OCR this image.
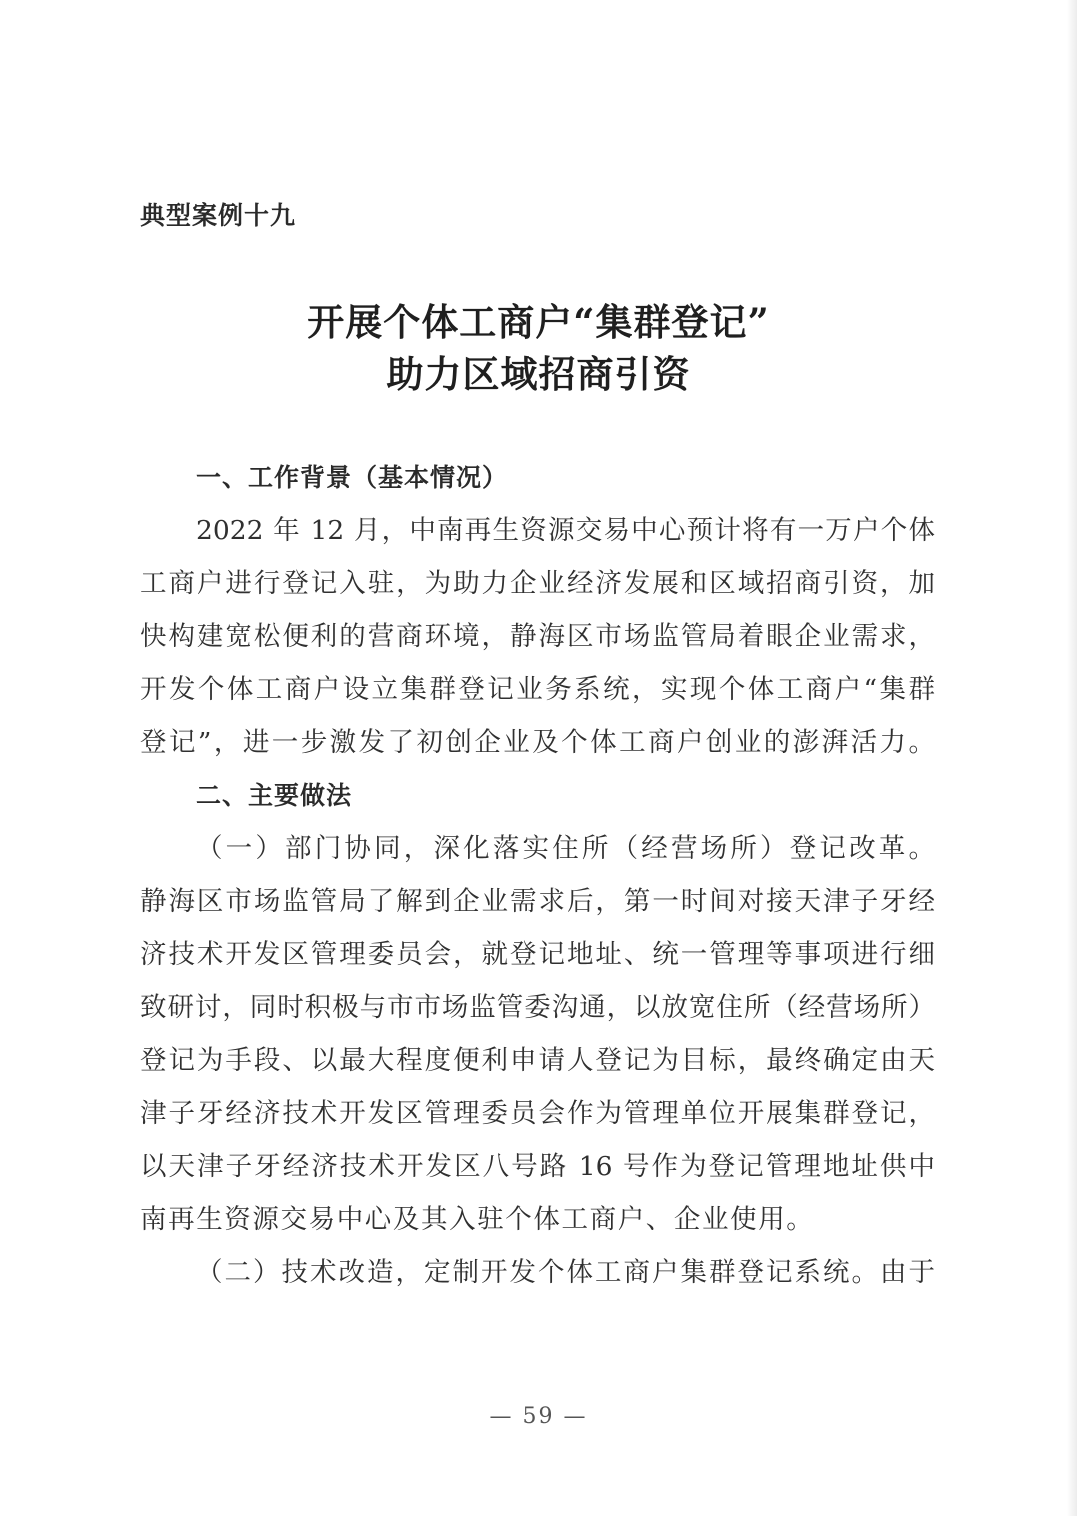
典型案例十九
开展个体工商户“集群登记”
助力区域招商引资
一、工作背景（基本情况）
2022 年 12 月，中南再生资源交易中心预计将有一万户个体
工商户进行登记入驻，为助力企业经济发展和区域招商引资，加
快构建宽松便利的营商环境，静海区市场监管局着眼企业需求，
开发个体工商户设立集群登记业务系统，实现个体工商户“集群
登记”，进一步激发了初创企业及个体工商户创业的澎湃活力。
二、主要做法
（一）部门协同，深化落实住所（经营场所）登记改革。
静海区市场监管局了解到企业需求后，第一时间对接天津子牙经
济技术开发区管理委员会，就登记地址、统一管理等事项进行细
致研讨，同时积极与市市场监管委沟通，以放宽住所（经营场所）
登记为手段、以最大程度便利申请人登记为目标，最终确定由天
津子牙经济技术开发区管理委员会作为管理单位开展集群登记，
以天津子牙经济技术开发区八号路 16 号作为登记管理地址供中
南再生资源交易中心及其入驻个体工商户、企业使用。
（二）技术改造，定制开发个体工商户集群登记系统。由于
— 59 —
